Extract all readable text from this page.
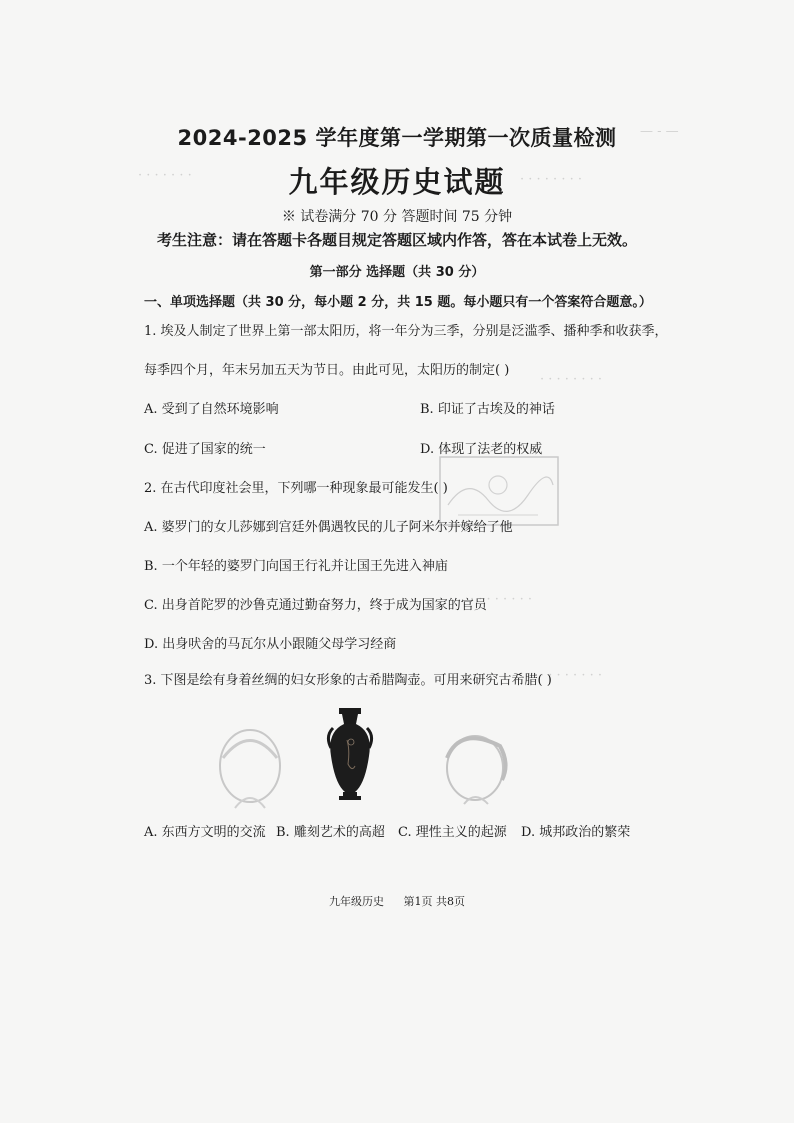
— - —
· · · · · · ·	· · · · · · · ·
· · · · · · · ·
· · · · · · · ·
· · · · · · · ·
2024-2025 学年度第一学期第一次质量检测
九年级历史试题
※ 试卷满分 70 分 答题时间 75 分钟
考生注意：请在答题卡各题目规定答题区域内作答，答在本试卷上无效。
第一部分 选择题（共 30 分）
一、单项选择题（共 30 分，每小题 2 分，共 15 题。每小题只有一个答案符合题意。）
1. 埃及人制定了世界上第一部太阳历，将一年分为三季，分别是泛滥季、播种季和收获季，
每季四个月，年末另加五天为节日。由此可见，太阳历的制定( )
A. 受到了自然环境影响	B. 印证了古埃及的神话
C. 促进了国家的统一	D. 体现了法老的权威
2. 在古代印度社会里，下列哪一种现象最可能发生( )
A. 婆罗门的女儿莎娜到宫廷外偶遇牧民的儿子阿米尔并嫁给了他
B. 一个年轻的婆罗门向国王行礼并让国王先进入神庙
C. 出身首陀罗的沙鲁克通过勤奋努力，终于成为国家的官员
D. 出身吠舍的马瓦尔从小跟随父母学习经商
3. 下图是绘有身着丝绸的妇女形象的古希腊陶壶。可用来研究古希腊( )
A. 东西方文明的交流 B. 雕刻艺术的高超 C. 理性主义的起源 D. 城邦政治的繁荣
九年级历史 第1页 共8页
